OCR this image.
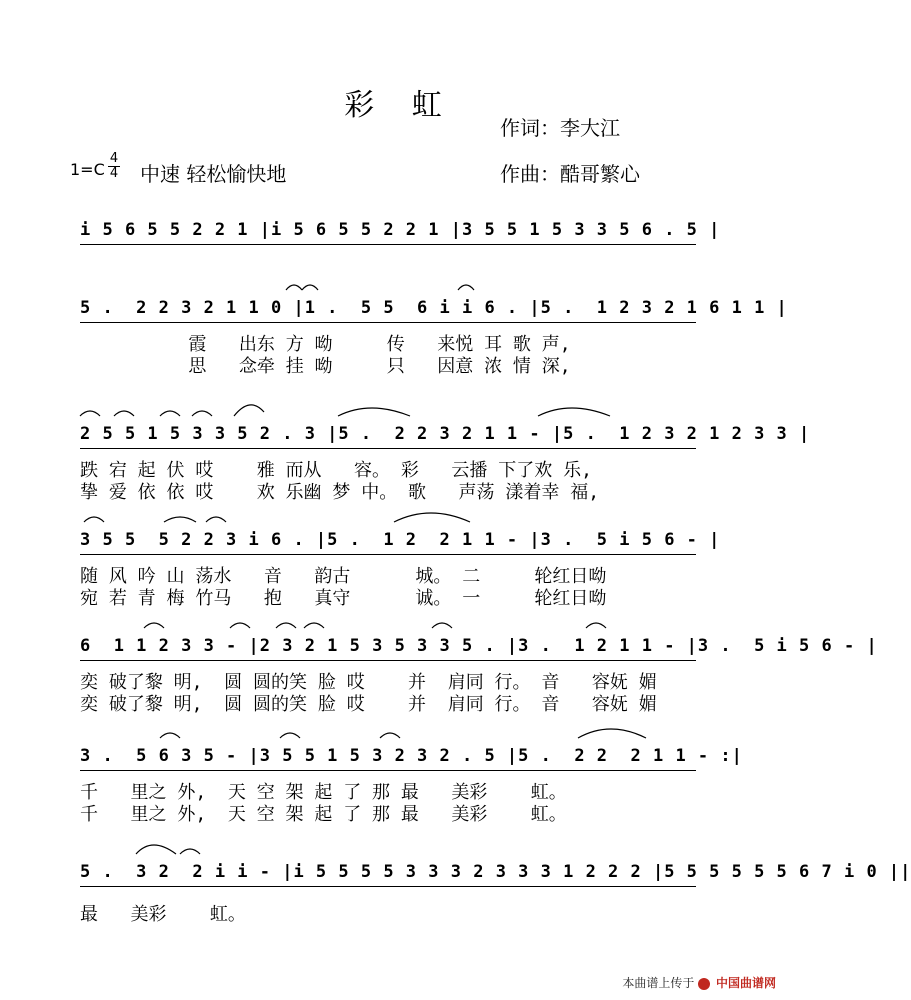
彩 虹
作词：李大江
作曲：酷哥繁心
$1=C \frac{4}{4}$ 中速 轻松愉快地
i 5 6 5 5 2 2 1 |i 5 6 5 5 2 2 1 |3 5 5 1 5 3 3 5 6 . 5 |
5 .  2 2 3 2 1 1 0 |1 .  5 5  6 i i 6 . |5 .  1 2 3 2 1 6 1 1 |
霞   出东 方 呦     传   来悦 耳 歌 声,
思   念牵 挂 呦     只   因意 浓 情 深,
2 5 5 1 5 3 3 5 2 . 3 |5 .  2 2 3 2 1 1 - |5 .  1 2 3 2 1 2 3 3 |
跌 宕 起 伏 哎    雅 而从   容。 彩   云播 下了欢 乐,
挚 爱 依 依 哎    欢 乐幽 梦 中。 歌   声荡 漾着幸 福,
3 5 5  5 2 2 3 i 6 . |5 .  1 2  2 1 1 - |3 .  5 i 5 6 - |
随 风 吟 山 荡水   音   韵古      城。 二     轮红日呦
宛 若 青 梅 竹马   抱   真守      诚。 一     轮红日呦
6  1 1 2 3 3 - |2 3 2 1 5 3 5 3 3 5 . |3 .  1 2 1 1 - |3 .  5 i 5 6 - |
奕 破了黎 明,  圆 圆的笑 脸 哎    并  肩同 行。 音   容妩 媚
奕 破了黎 明,  圆 圆的笑 脸 哎    并  肩同 行。 音   容妩 媚
3 .  5 6 3 5 - |3 5 5 1 5 3 2 3 2 . 5 |5 .  2 2  2 1 1 - :|
千   里之 外,  天 空 架 起 了 那 最   美彩    虹。
千   里之 外,  天 空 架 起 了 那 最   美彩    虹。
5 .  3 2  2 i i - |i 5 5 5 5 3 3 3 2 3 3 3 1 2 2 2 |5 5 5 5 5 5 6 7 i 0 ||
最   美彩    虹。
本曲谱上传于 中国曲谱网
